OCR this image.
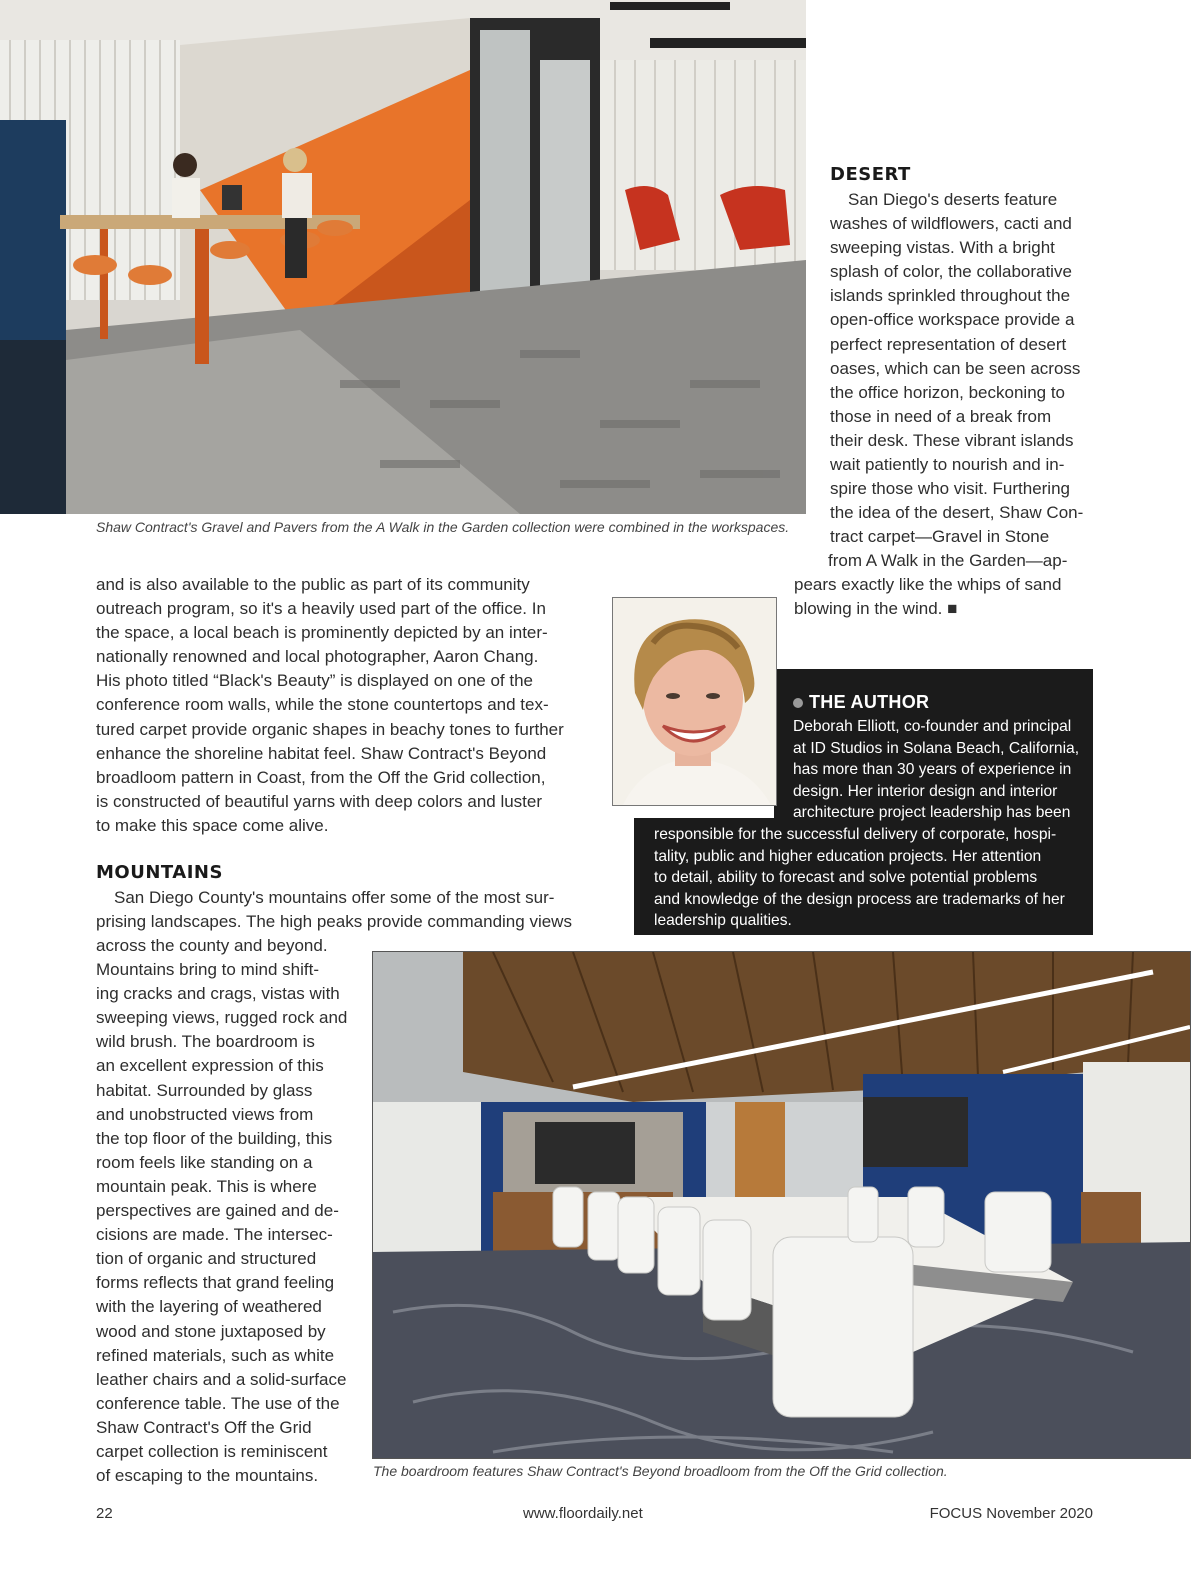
Shaw Contract's Gravel and Pavers from the A Walk in the Garden collection were combined in the workspaces.

DESERT
San Diego's deserts feature
washes of wildflowers, cacti and
sweeping vistas. With a bright
splash of color, the collaborative
islands sprinkled throughout the
open-office workspace provide a
perfect representation of desert
oases, which can be seen across
the office horizon, beckoning to
those in need of a break from
their desk. These vibrant islands
wait patiently to nourish and in-
spire those who visit. Furthering
the idea of the desert, Shaw Con-
tract carpet—Gravel in Stone
from A Walk in the Garden—ap-
pears exactly like the whips of sand
blowing in the wind. ■
and is also available to the public as part of its community
outreach program, so it's a heavily used part of the office. In
the space, a local beach is prominently depicted by an inter-
nationally renowned and local photographer, Aaron Chang.
His photo titled “Black's Beauty” is displayed on one of the
conference room walls, while the stone countertops and tex-
tured carpet provide organic shapes in beachy tones to further
enhance the shoreline habitat feel. Shaw Contract's Beyond
broadloom pattern in Coast, from the Off the Grid collection,
is constructed of beautiful yarns with deep colors and luster
to make this space come alive.
MOUNTAINS
San Diego County's mountains offer some of the most sur-
prising landscapes. The high peaks provide commanding views
across the county and beyond.
Mountains bring to mind shift-
ing cracks and crags, vistas with
sweeping views, rugged rock and
wild brush. The boardroom is
an excellent expression of this
habitat. Surrounded by glass
and unobstructed views from
the top floor of the building, this
room feels like standing on a
mountain peak. This is where
perspectives are gained and de-
cisions are made. The intersec-
tion of organic and structured
forms reflects that grand feeling
with the layering of weathered
wood and stone juxtaposed by
refined materials, such as white
leather chairs and a solid-surface
conference table. The use of the
Shaw Contract's Off the Grid
carpet collection is reminiscent
of escaping to the mountains.
THE AUTHOR
Deborah Elliott, co-founder and principal
at ID Studios in Solana Beach, California,
has more than 30 years of experience in
design. Her interior design and interior
architecture project leadership has been
responsible for the successful delivery of corporate, hospi-
tality, public and higher education projects. Her attention
to detail, ability to forecast and solve potential problems
and knowledge of the design process are trademarks of her
leadership qualities.

The boardroom features Shaw Contract's Beyond broadloom from the Off the Grid collection.

22	www.floordaily.net	FOCUS November 2020
